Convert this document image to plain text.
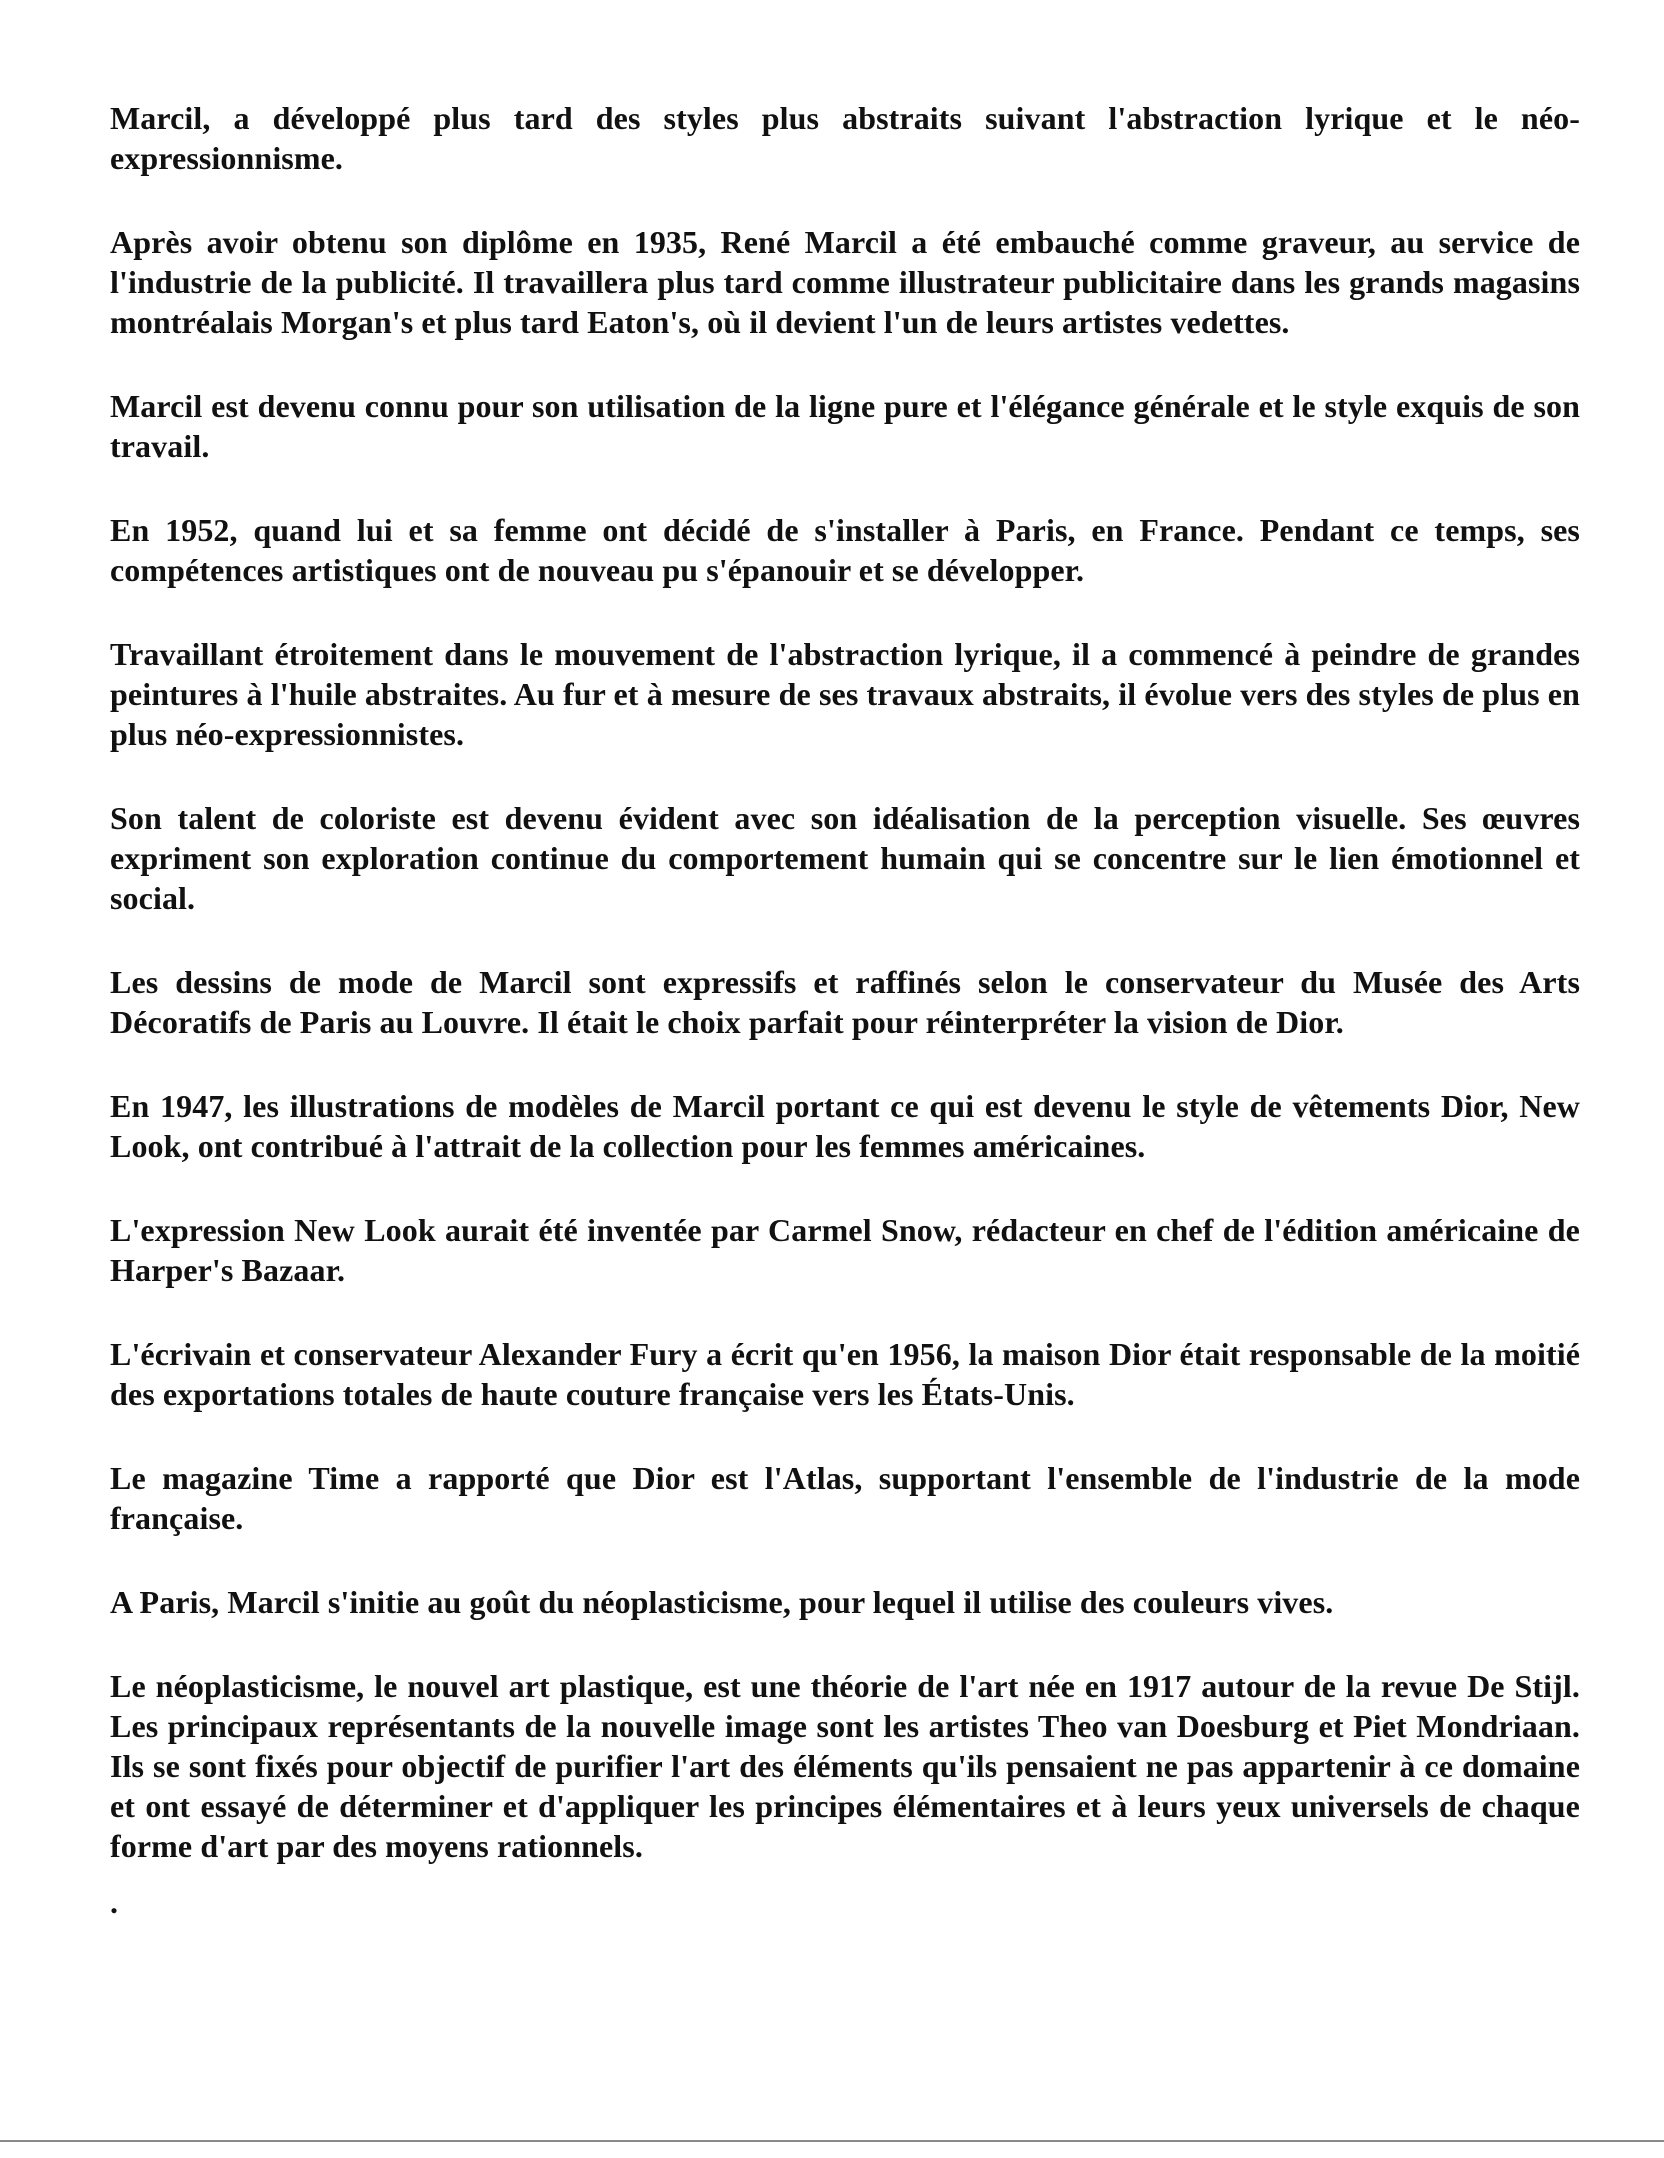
Marcil, a développé plus tard des styles plus abstraits suivant l'abstraction lyrique et le néo-expressionnisme.

Après avoir obtenu son diplôme en 1935, René Marcil a été embauché comme graveur, au service de l'industrie de la publicité. Il travaillera plus tard comme illustrateur publicitaire dans les grands magasins montréalais Morgan's et plus tard Eaton's, où il devient l'un de leurs artistes vedettes.

Marcil est devenu connu pour son utilisation de la ligne pure et l'élégance générale et le style exquis de son travail.

En 1952, quand lui et sa femme ont décidé de s'installer à Paris, en France. Pendant ce temps, ses compétences artistiques ont de nouveau pu s'épanouir et se développer.

Travaillant étroitement dans le mouvement de l'abstraction lyrique, il a commencé à peindre de grandes peintures à l'huile abstraites. Au fur et à mesure de ses travaux abstraits, il évolue vers des styles de plus en plus néo-expressionnistes.

Son talent de coloriste est devenu évident avec son idéalisation de la perception visuelle. Ses œuvres expriment son exploration continue du comportement humain qui se concentre sur le lien émotionnel et social.

Les dessins de mode de Marcil sont expressifs et raffinés selon le conservateur du Musée des Arts Décoratifs de Paris au Louvre. Il était le choix parfait pour réinterpréter la vision de Dior.

En 1947, les illustrations de modèles de Marcil portant ce qui est devenu le style de vêtements Dior, New Look, ont contribué à l'attrait de la collection pour les femmes américaines.

L'expression New Look aurait été inventée par Carmel Snow, rédacteur en chef de l'édition américaine de Harper's Bazaar.

L'écrivain et conservateur Alexander Fury a écrit qu'en 1956, la maison Dior était responsable de la moitié des exportations totales de haute couture française vers les États-Unis.

Le magazine Time a rapporté que Dior est l'Atlas, supportant l'ensemble de l'industrie de la mode française.

A Paris, Marcil s'initie au goût du néoplasticisme, pour lequel il utilise des couleurs vives.

Le néoplasticisme, le nouvel art plastique, est une théorie de l'art née en 1917 autour de la revue De Stijl. Les principaux représentants de la nouvelle image sont les artistes Theo van Doesburg et Piet Mondriaan. Ils se sont fixés pour objectif de purifier l'art des éléments qu'ils pensaient ne pas appartenir à ce domaine et ont essayé de déterminer et d'appliquer les principes élémentaires et à leurs yeux universels de chaque forme d'art par des moyens rationnels.

.
